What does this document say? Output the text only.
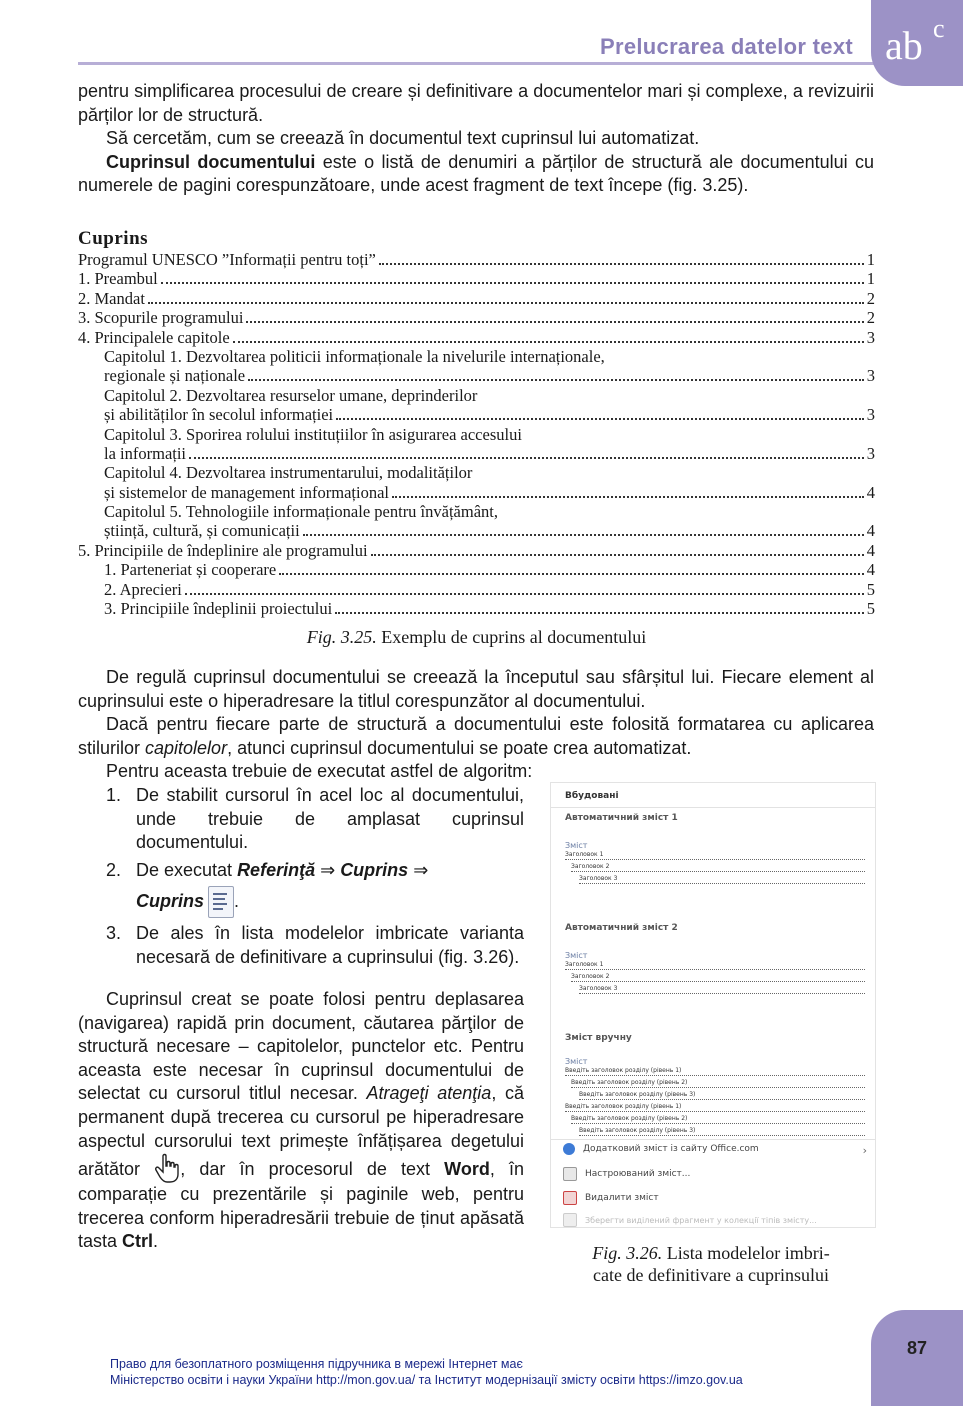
Prelucrarea datelor text ab c

pentru simplificarea procesului de creare și definitivare a documentelor mari și complexe, a revizuirii părților lor de structură.

Să cercetăm, cum se creează în documentul text cuprinsul lui automatizat.

Cuprinsul documentului este o listă de denumiri a părților de structură ale documentului cu numerele de pagini corespunzătoare, unde acest fragment de text începe (fig. 3.25).

Cuprins
Programul UNESCO ”Informații pentru toți”	1
1. Preambul	1
2. Mandat	2
3. Scopurile programului	2
4. Principalele capitole	3
Capitolul 1. Dezvoltarea politicii informaționale la nivelurile internaționale,
regionale și naționale	3
Capitolul 2. Dezvoltarea resurselor umane, deprinderilor
și abilităților în secolul informației	3
Capitolul 3. Sporirea rolului instituțiilor în asigurarea accesului
la informații	3
Capitolul 4. Dezvoltarea instrumentarului, modalităților
și sistemelor de management informațional	4
Capitolul 5. Tehnologiile informaționale pentru învățământ,
știință, cultură, și comunicații	4
5. Principiile de îndeplinire ale programului	4
1. Parteneriat și cooperare	4
2. Aprecieri	5
3. Principiile îndeplinii proiectului	5
Fig. 3.25. Exemplu de cuprins al documentului

De regulă cuprinsul documentului se creează la începutul sau sfârșitul lui. Fiecare element al cuprinsului este o hiperadresare la titlul corespunzător al documentului.

Dacă pentru fiecare parte de structură a documentului este folosită formatarea cu aplicarea stilurilor capitolelor, atunci cuprinsul documentului se poate crea automatizat.

Pentru aceasta trebuie de executat astfel de algoritm:

1. De stabilit cursorul în acel loc al documentului, unde trebuie de amplasat cuprinsul documentului.
2. De executat Referinţă ⇒ Cuprins ⇒
Cuprins .
3. De ales în lista modelelor imbricate varianta necesară de definitivare a cuprinsului (fig. 3.26).

Cuprinsul creat se poate folosi pentru deplasarea (navigarea) rapidă prin document, căutarea părţilor de structură necesare – capitolelor, punctelor etc. Pentru aceasta este necesar în cuprinsul documentului de selectat cu cursorul titlul necesar. Atrageţi atenţia, că permanent după trecerea cu cursorul pe hiperadresare aspectul cursorului text primește înfățișarea degetului arătător , dar în procesorul de text Word, în comparație cu prezentările și paginile web, pentru trecerea conform hiperadresării trebuie de ținut apăsată tasta Ctrl.

Вбудовані
Автоматичний зміст 1
Зміст
Заголовок 1
Заголовок 2
Заголовок 3
Автоматичний зміст 2
Зміст
Заголовок 1
Заголовок 2
Заголовок 3
Зміст вручну
Зміст
Введіть заголовок розділу (рівень 1)
Введіть заголовок розділу (рівень 2)
Введіть заголовок розділу (рівень 3)
Введіть заголовок розділу (рівень 1)
Введіть заголовок розділу (рівень 2)
Введіть заголовок розділу (рівень 3)
Додатковий зміст із сайту Office.com	›
Настроюваний зміст...
Видалити зміст
Зберегти виділений фрагмент у колекції тіпів змісту...
Fig. 3.26. Lista modelelor imbri-
cate de definitivare a cuprinsului
87
Право для безоплатного розміщення підручника в мережі Інтернет має
Міністерство освіти і науки України http://mon.gov.ua/ та Інститут модернізації змісту освіти https://imzo.gov.ua
